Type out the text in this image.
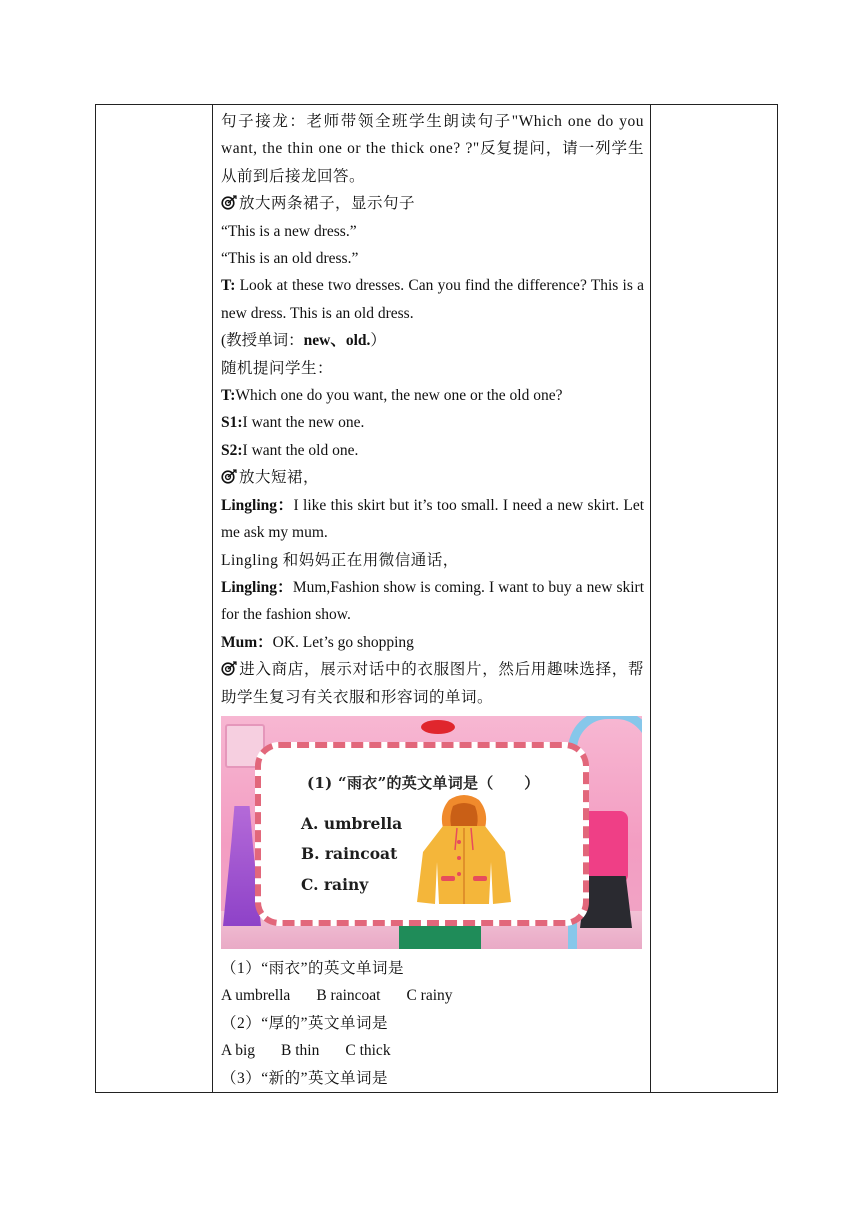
句子接龙：老师带领全班学生朗读句子"Which one do you want, the thin one or the thick one? ?"反复提问，请一列学生从前到后接龙回答。

放大两条裙子，显示句子

“This is a new dress.”

“This is an old dress.”

T: Look at these two dresses. Can you find the difference? This is a new dress. This is an old dress.

(教授单词：new、old.）

随机提问学生：

T:Which one do you want, the new one or the old one?

S1:I want the new one.

S2:I want the old one.

放大短裙，

Lingling：I like this skirt but it’s too small. I need a new skirt. Let me ask my mum.

Lingling 和妈妈正在用微信通话，

Lingling：Mum,Fashion show is coming. I want to buy a new skirt for the fashion show.

Mum：OK. Let’s go shopping

进入商店，展示对话中的衣服图片，然后用趣味选择，帮助学生复习有关衣服和形容词的单词。

(1) “雨衣”的英文单词是（　　）
A. umbrella
B. raincoat
C. rainy

（1）“雨衣”的英文单词是

A umbrella B raincoat C rainy

（2）“厚的”英文单词是

A big B thin C thick

（3）“新的”英文单词是
